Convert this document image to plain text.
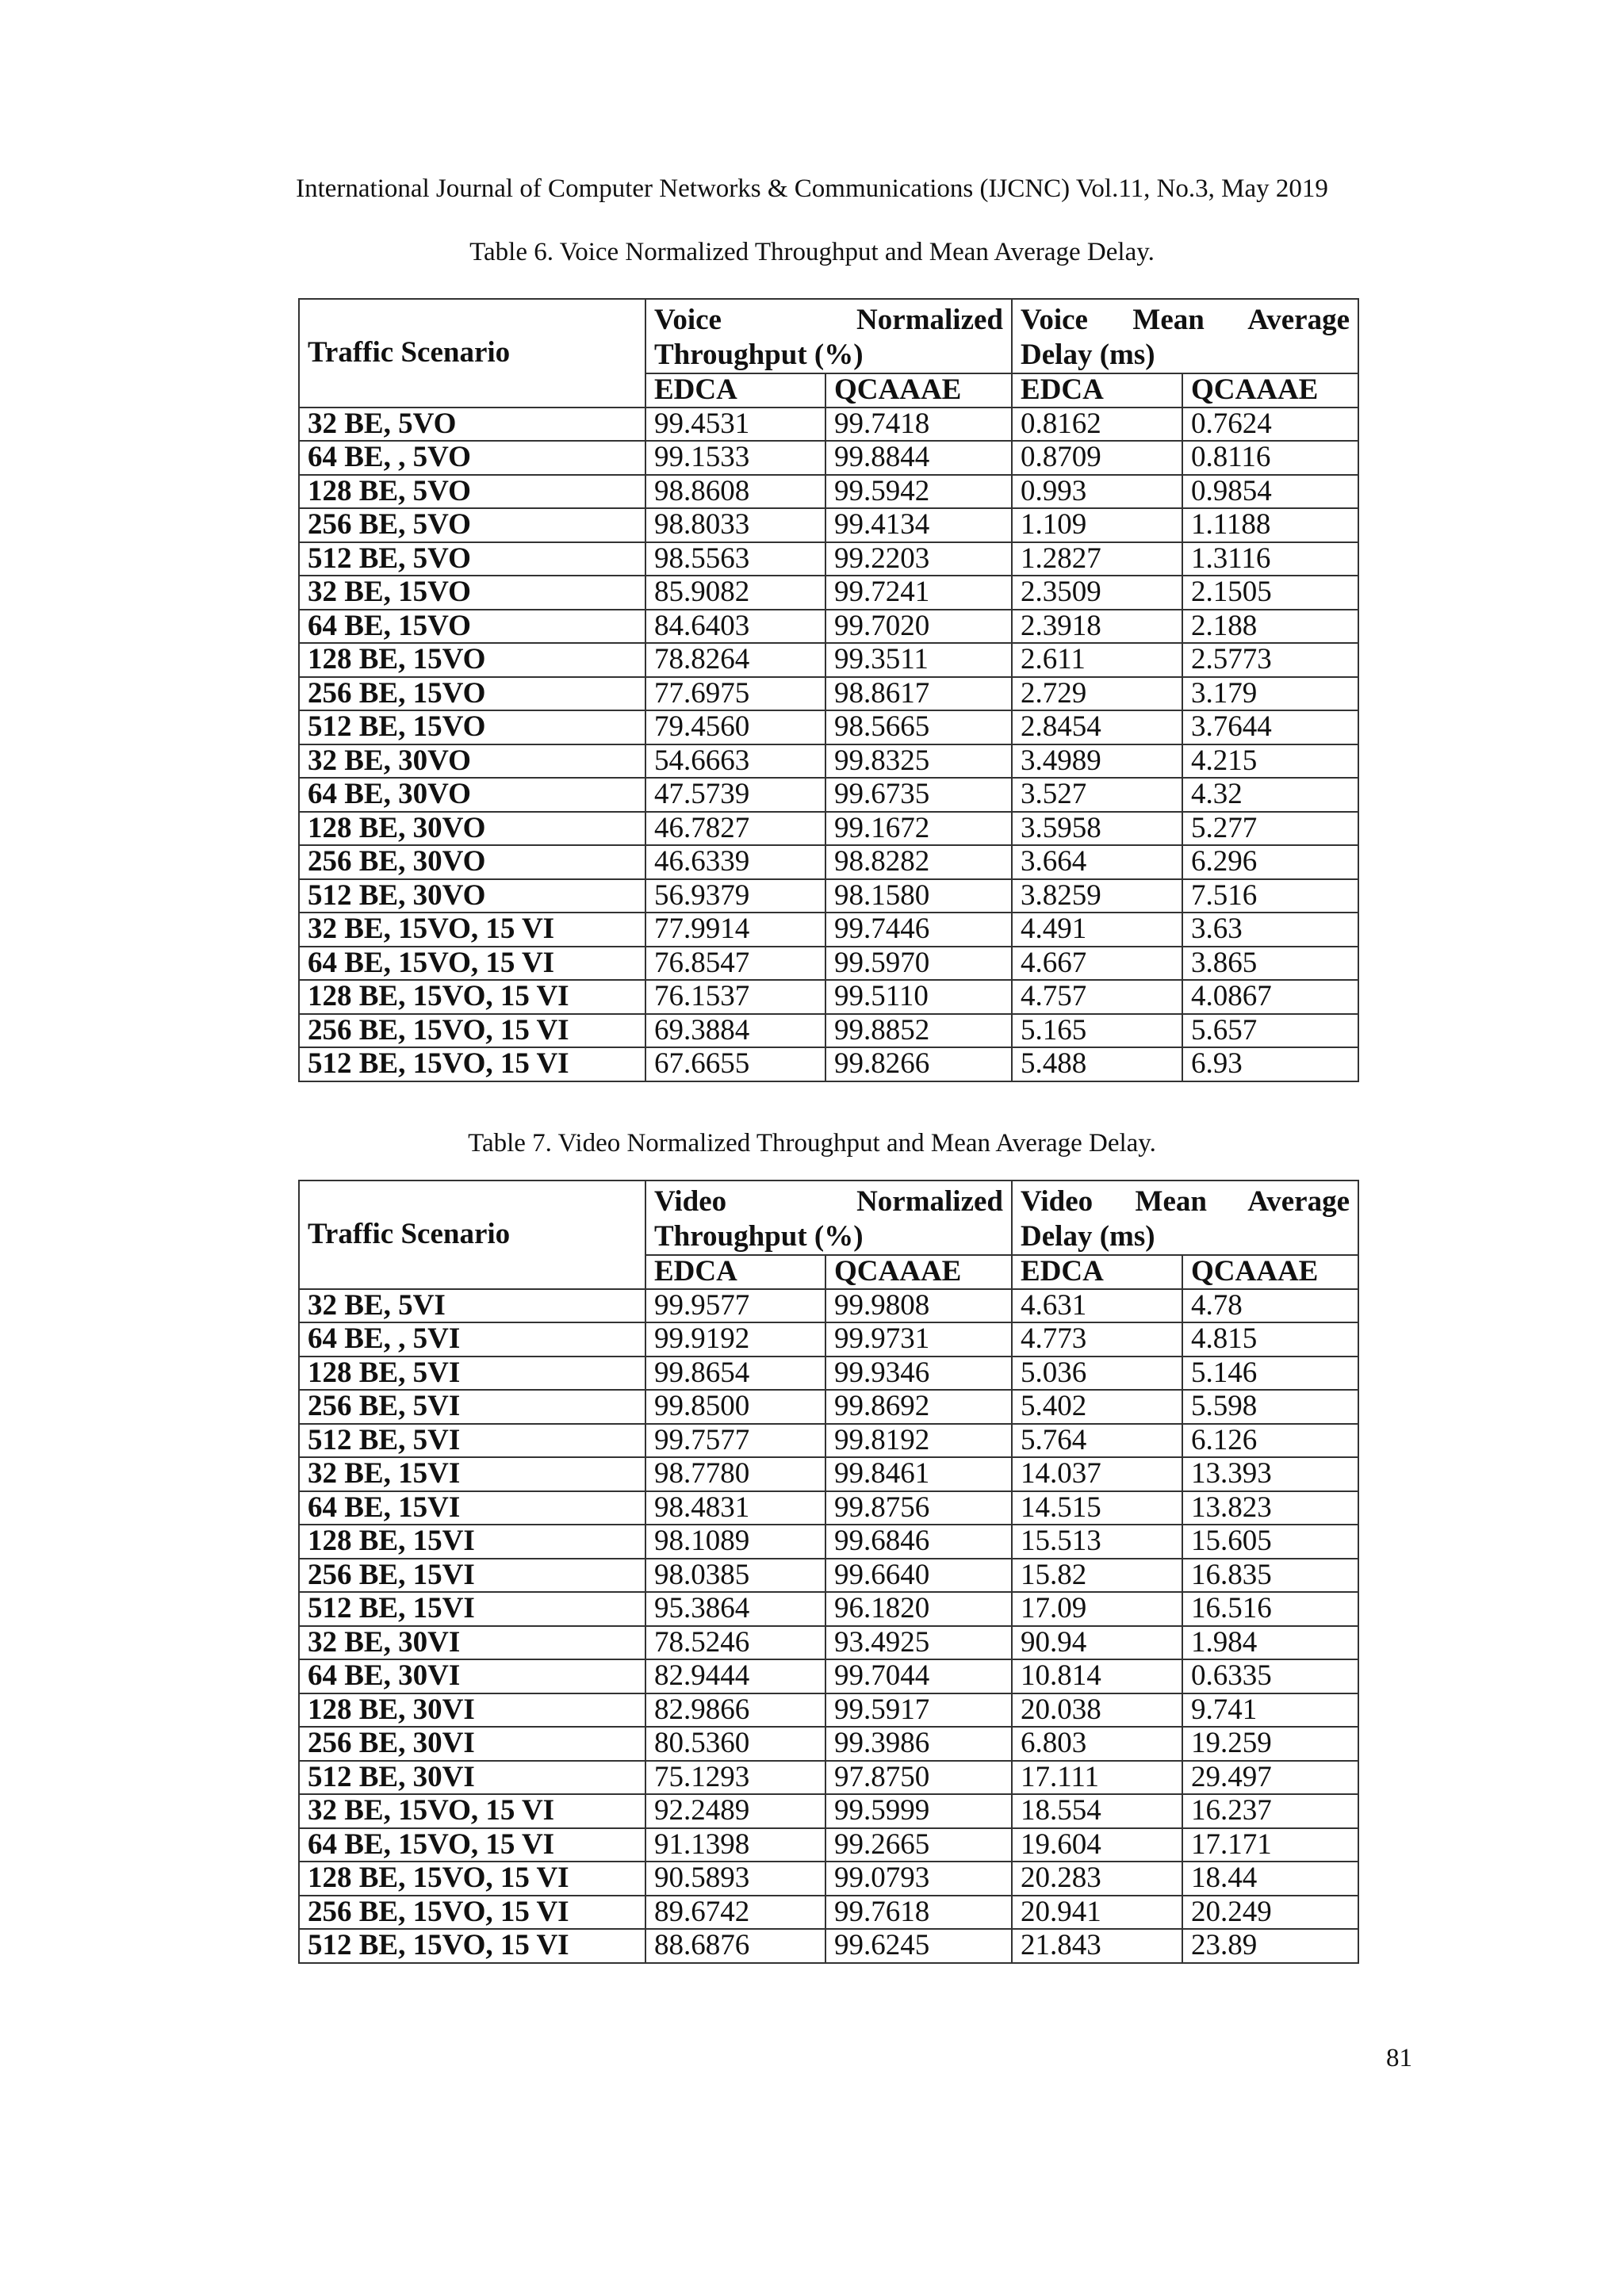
International Journal of Computer Networks & Communications (IJCNC) Vol.11, No.3, May 2019
Table 6. Voice Normalized Throughput and Mean Average Delay.
Traffic Scenario	Voice Normalized Throughput (%)		Voice Mean Average Delay (ms)	
	EDCA	QCAAAE	EDCA	QCAAAE
32 BE, 5VO	99.4531	99.7418	0.8162	0.7624
64 BE, , 5VO	99.1533	99.8844	0.8709	0.8116
128 BE, 5VO	98.8608	99.5942	0.993	0.9854
256 BE, 5VO	98.8033	99.4134	1.109	1.1188
512 BE, 5VO	98.5563	99.2203	1.2827	1.3116
32 BE, 15VO	85.9082	99.7241	2.3509	2.1505
64 BE, 15VO	84.6403	99.7020	2.3918	2.188
128 BE, 15VO	78.8264	99.3511	2.611	2.5773
256 BE, 15VO	77.6975	98.8617	2.729	3.179
512 BE, 15VO	79.4560	98.5665	2.8454	3.7644
32 BE, 30VO	54.6663	99.8325	3.4989	4.215
64 BE, 30VO	47.5739	99.6735	3.527	4.32
128 BE, 30VO	46.7827	99.1672	3.5958	5.277
256 BE, 30VO	46.6339	98.8282	3.664	6.296
512 BE, 30VO	56.9379	98.1580	3.8259	7.516
32 BE, 15VO, 15 VI	77.9914	99.7446	4.491	3.63
64 BE, 15VO, 15 VI	76.8547	99.5970	4.667	3.865
128 BE, 15VO, 15 VI	76.1537	99.5110	4.757	4.0867
256 BE, 15VO, 15 VI	69.3884	99.8852	5.165	5.657
512 BE, 15VO, 15 VI	67.6655	99.8266	5.488	6.93
Table 7. Video Normalized Throughput and Mean Average Delay.
Traffic Scenario	Video Normalized Throughput (%)		Video Mean Average Delay (ms)	
	EDCA	QCAAAE	EDCA	QCAAAE
32 BE, 5VI	99.9577	99.9808	4.631	4.78
64 BE, , 5VI	99.9192	99.9731	4.773	4.815
128 BE, 5VI	99.8654	99.9346	5.036	5.146
256 BE, 5VI	99.8500	99.8692	5.402	5.598
512 BE, 5VI	99.7577	99.8192	5.764	6.126
32 BE, 15VI	98.7780	99.8461	14.037	13.393
64 BE, 15VI	98.4831	99.8756	14.515	13.823
128 BE, 15VI	98.1089	99.6846	15.513	15.605
256 BE, 15VI	98.0385	99.6640	15.82	16.835
512 BE, 15VI	95.3864	96.1820	17.09	16.516
32 BE, 30VI	78.5246	93.4925	90.94	1.984
64 BE, 30VI	82.9444	99.7044	10.814	0.6335
128 BE, 30VI	82.9866	99.5917	20.038	9.741
256 BE, 30VI	80.5360	99.3986	6.803	19.259
512 BE, 30VI	75.1293	97.8750	17.111	29.497
32 BE, 15VO, 15 VI	92.2489	99.5999	18.554	16.237
64 BE, 15VO, 15 VI	91.1398	99.2665	19.604	17.171
128 BE, 15VO, 15 VI	90.5893	99.0793	20.283	18.44
256 BE, 15VO, 15 VI	89.6742	99.7618	20.941	20.249
512 BE, 15VO, 15 VI	88.6876	99.6245	21.843	23.89
81
